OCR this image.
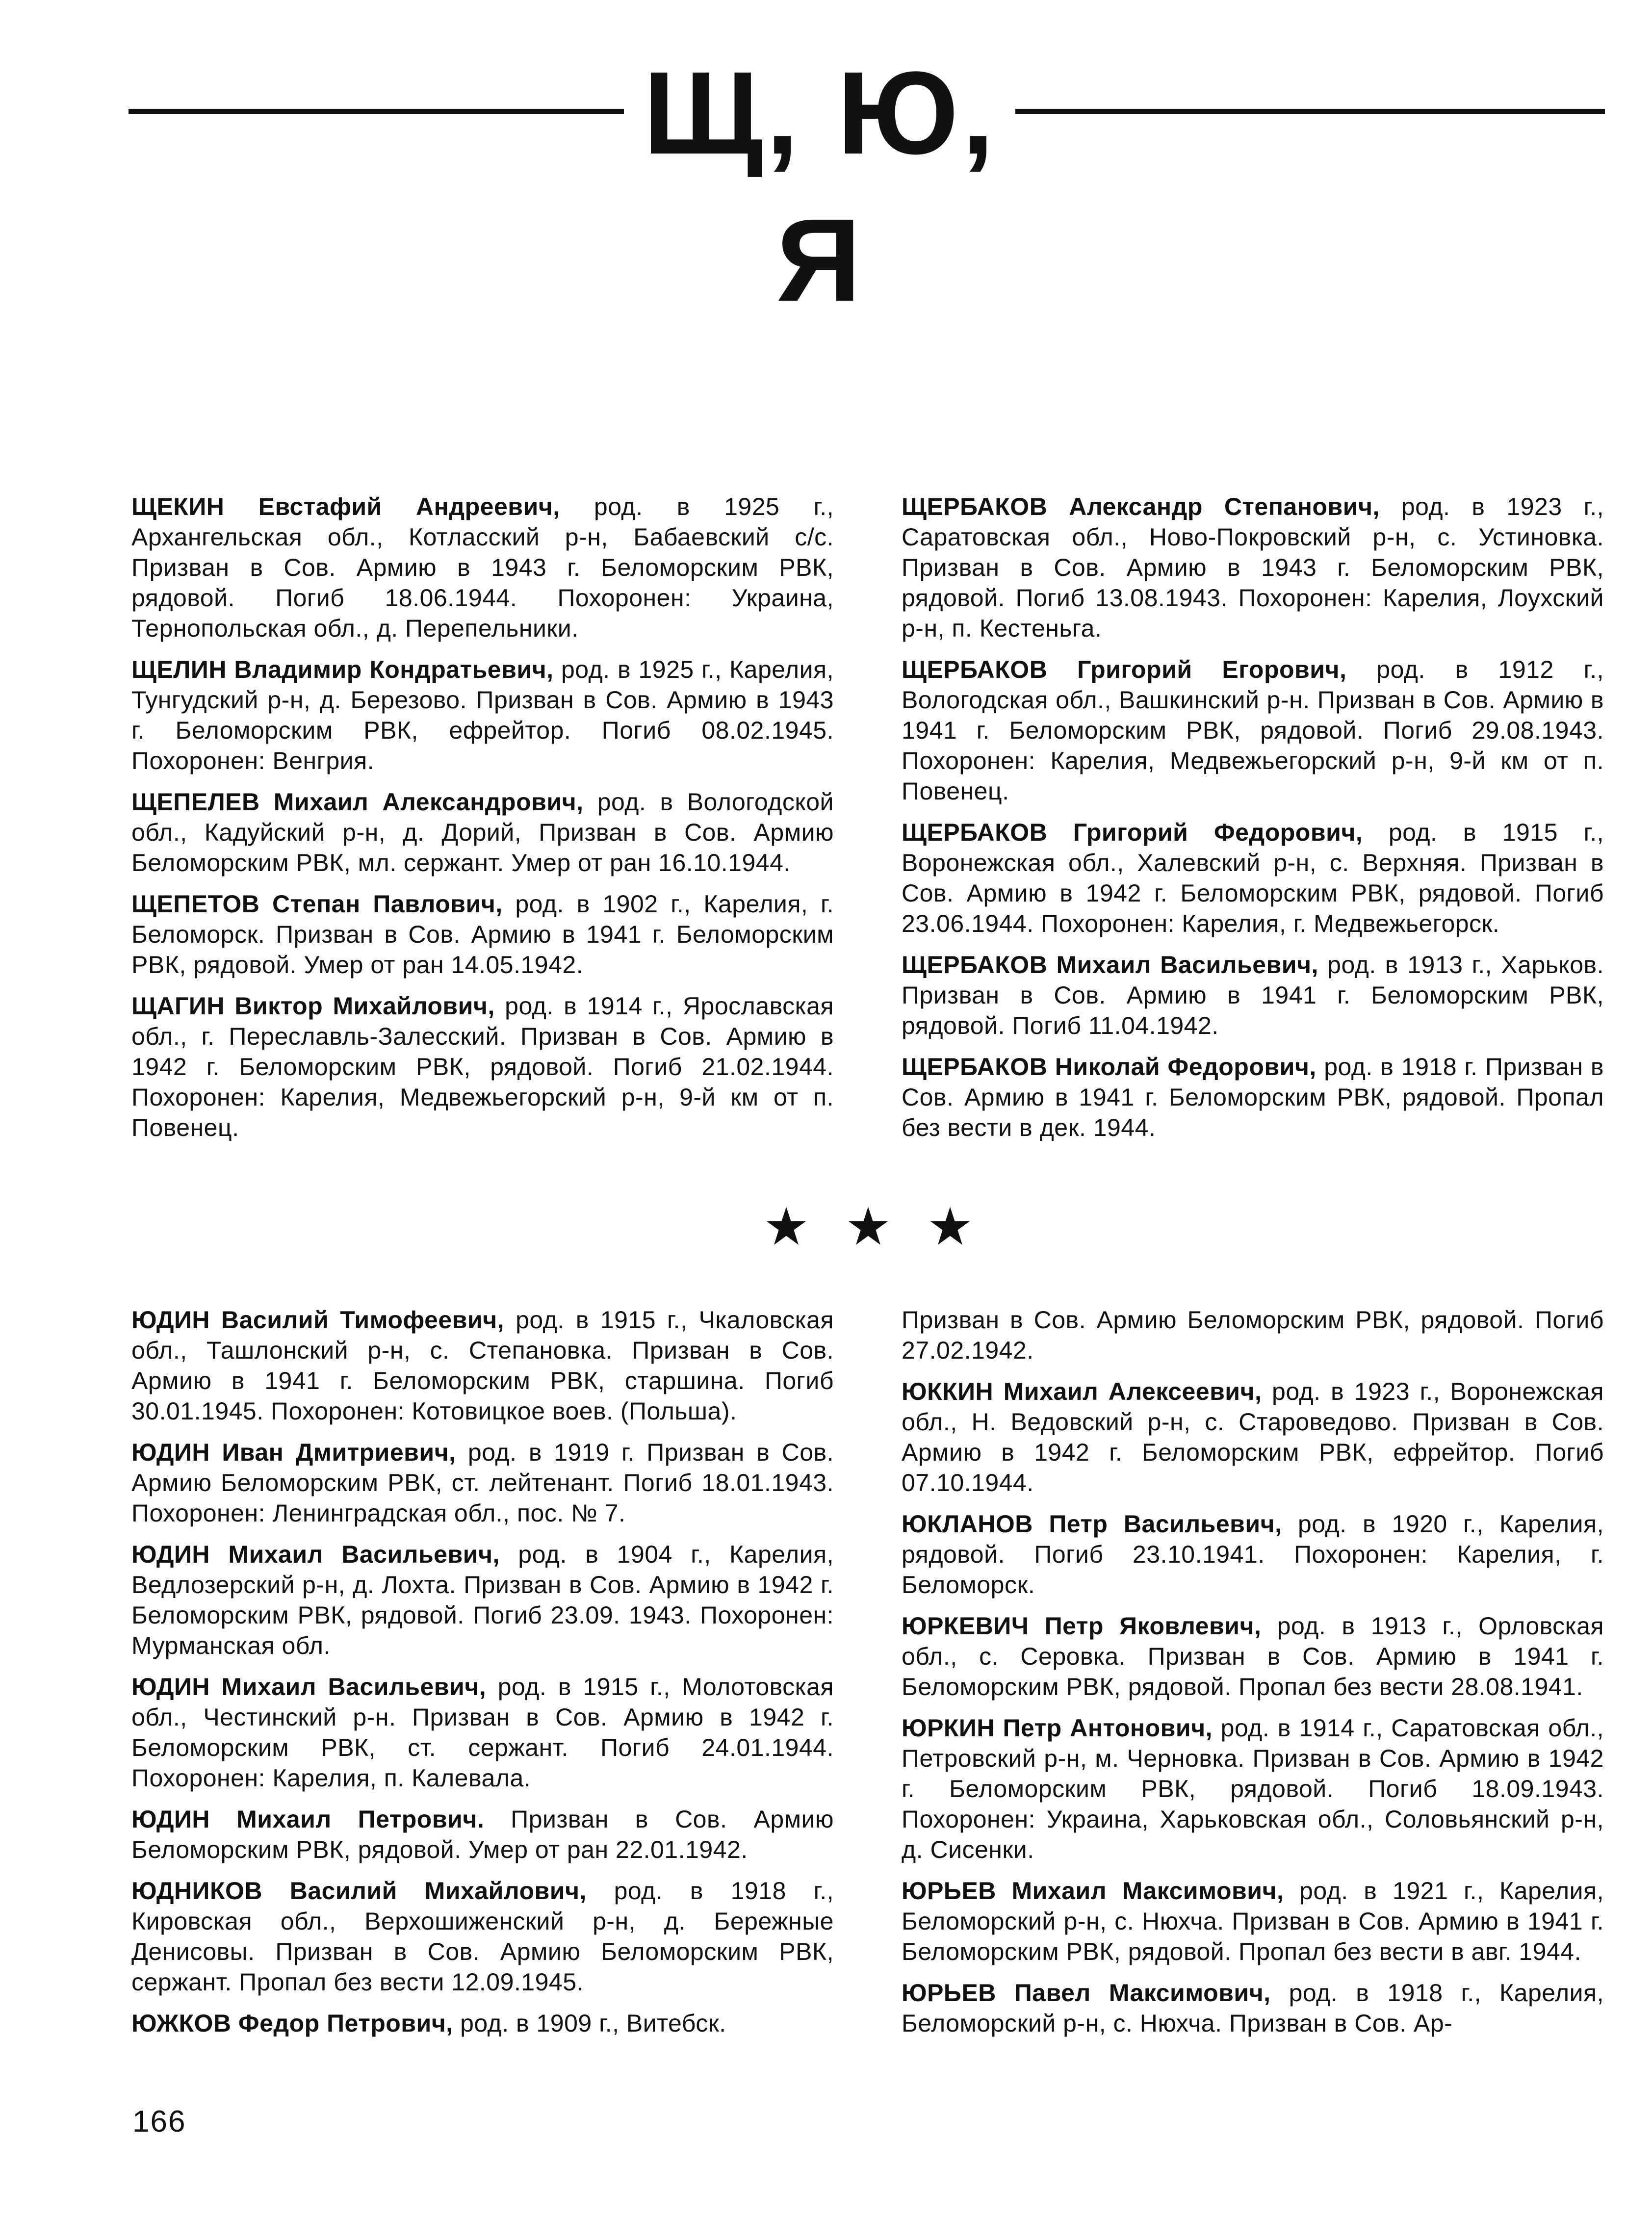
Щ, Ю, Я

ЩЕКИН Евстафий Андреевич, род. в 1925 г., Архангельская обл., Котласский р-н, Бабаевский с/с. Призван в Сов. Армию в 1943 г. Беломорским РВК, рядовой. Погиб 18.06.1944. Похоронен: Украина, Тернопольская обл., д. Перепельники.

ЩЕЛИН Владимир Кондратьевич, род. в 1925 г., Карелия, Тунгудский р-н, д. Березово. Призван в Сов. Армию в 1943 г. Беломорским РВК, ефрейтор. Погиб 08.02.1945. Похоронен: Венгрия.

ЩЕПЕЛЕВ Михаил Александрович, род. в Вологодской обл., Кадуйский р-н, д. Дорий, Призван в Сов. Армию Беломорским РВК, мл. сержант. Умер от ран 16.10.1944.

ЩЕПЕТОВ Степан Павлович, род. в 1902 г., Карелия, г. Беломорск. Призван в Сов. Армию в 1941 г. Беломорским РВК, рядовой. Умер от ран 14.05.1942.

ЩАГИН Виктор Михайлович, род. в 1914 г., Ярославская обл., г. Переславль-Залесский. Призван в Сов. Армию в 1942 г. Беломорским РВК, рядовой. Погиб 21.02.1944. Похоронен: Карелия, Медвежьегорский р-н, 9-й км от п. Повенец.

ЩЕРБАКОВ Александр Степанович, род. в 1923 г., Саратовская обл., Ново-Покровский р-н, с. Устиновка. Призван в Сов. Армию в 1943 г. Беломорским РВК, рядовой. Погиб 13.08.1943. Похоронен: Карелия, Лоухский р-н, п. Кестеньга.

ЩЕРБАКОВ Григорий Егорович, род. в 1912 г., Вологодская обл., Вашкинский р-н. Призван в Сов. Армию в 1941 г. Беломорским РВК, рядовой. Погиб 29.08.1943. Похоронен: Карелия, Медвежьегорский р-н, 9-й км от п. Повенец.

ЩЕРБАКОВ Григорий Федорович, род. в 1915 г., Воронежская обл., Халевский р-н, с. Верхняя. Призван в Сов. Армию в 1942 г. Беломорским РВК, рядовой. Погиб 23.06.1944. Похоронен: Карелия, г. Медвежьегорск.

ЩЕРБАКОВ Михаил Васильевич, род. в 1913 г., Харьков. Призван в Сов. Армию в 1941 г. Беломорским РВК, рядовой. Погиб 11.04.1942.

ЩЕРБАКОВ Николай Федорович, род. в 1918 г. Призван в Сов. Армию в 1941 г. Беломорским РВК, рядовой. Пропал без вести в дек. 1944.

ЮДИН Василий Тимофеевич, род. в 1915 г., Чкаловская обл., Ташлонский р-н, с. Степановка. Призван в Сов. Армию в 1941 г. Беломорским РВК, старшина. Погиб 30.01.1945. Похоронен: Котовицкое воев. (Польша).

ЮДИН Иван Дмитриевич, род. в 1919 г. Призван в Сов. Армию Беломорским РВК, ст. лейтенант. Погиб 18.01.1943. Похоронен: Ленинградская обл., пос. № 7.

ЮДИН Михаил Васильевич, род. в 1904 г., Карелия, Ведлозерский р-н, д. Лохта. Призван в Сов. Армию в 1942 г. Беломорским РВК, рядовой. Погиб 23.09. 1943. Похоронен: Мурманская обл.

ЮДИН Михаил Васильевич, род. в 1915 г., Молотовская обл., Честинский р-н. Призван в Сов. Армию в 1942 г. Беломорским РВК, ст. сержант. Погиб 24.01.1944. Похоронен: Карелия, п. Калевала.

ЮДИН Михаил Петрович. Призван в Сов. Армию Беломорским РВК, рядовой. Умер от ран 22.01.1942.

ЮДНИКОВ Василий Михайлович, род. в 1918 г., Кировская обл., Верхошиженский р-н, д. Бережные Денисовы. Призван в Сов. Армию Беломорским РВК, сержант. Пропал без вести 12.09.1945.

ЮЖКОВ Федор Петрович, род. в 1909 г., Витебск.

Призван в Сов. Армию Беломорским РВК, рядовой. Погиб 27.02.1942.

ЮККИН Михаил Алексеевич, род. в 1923 г., Воронежская обл., Н. Ведовский р-н, с. Староведово. Призван в Сов. Армию в 1942 г. Беломорским РВК, ефрейтор. Погиб 07.10.1944.

ЮКЛАНОВ Петр Васильевич, род. в 1920 г., Карелия, рядовой. Погиб 23.10.1941. Похоронен: Карелия, г. Беломорск.

ЮРКЕВИЧ Петр Яковлевич, род. в 1913 г., Орловская обл., с. Серовка. Призван в Сов. Армию в 1941 г. Беломорским РВК, рядовой. Пропал без вести 28.08.1941.

ЮРКИН Петр Антонович, род. в 1914 г., Саратовская обл., Петровский р-н, м. Черновка. Призван в Сов. Армию в 1942 г. Беломорским РВК, рядовой. Погиб 18.09.1943. Похоронен: Украина, Харьковская обл., Соловьянский р-н, д. Сисенки.

ЮРЬЕВ Михаил Максимович, род. в 1921 г., Карелия, Беломорский р-н, с. Нюхча. Призван в Сов. Армию в 1941 г. Беломорским РВК, рядовой. Пропал без вести в авг. 1944.

ЮРЬЕВ Павел Максимович, род. в 1918 г., Карелия, Беломорский р-н, с. Нюхча. Призван в Сов. Ар-

166
